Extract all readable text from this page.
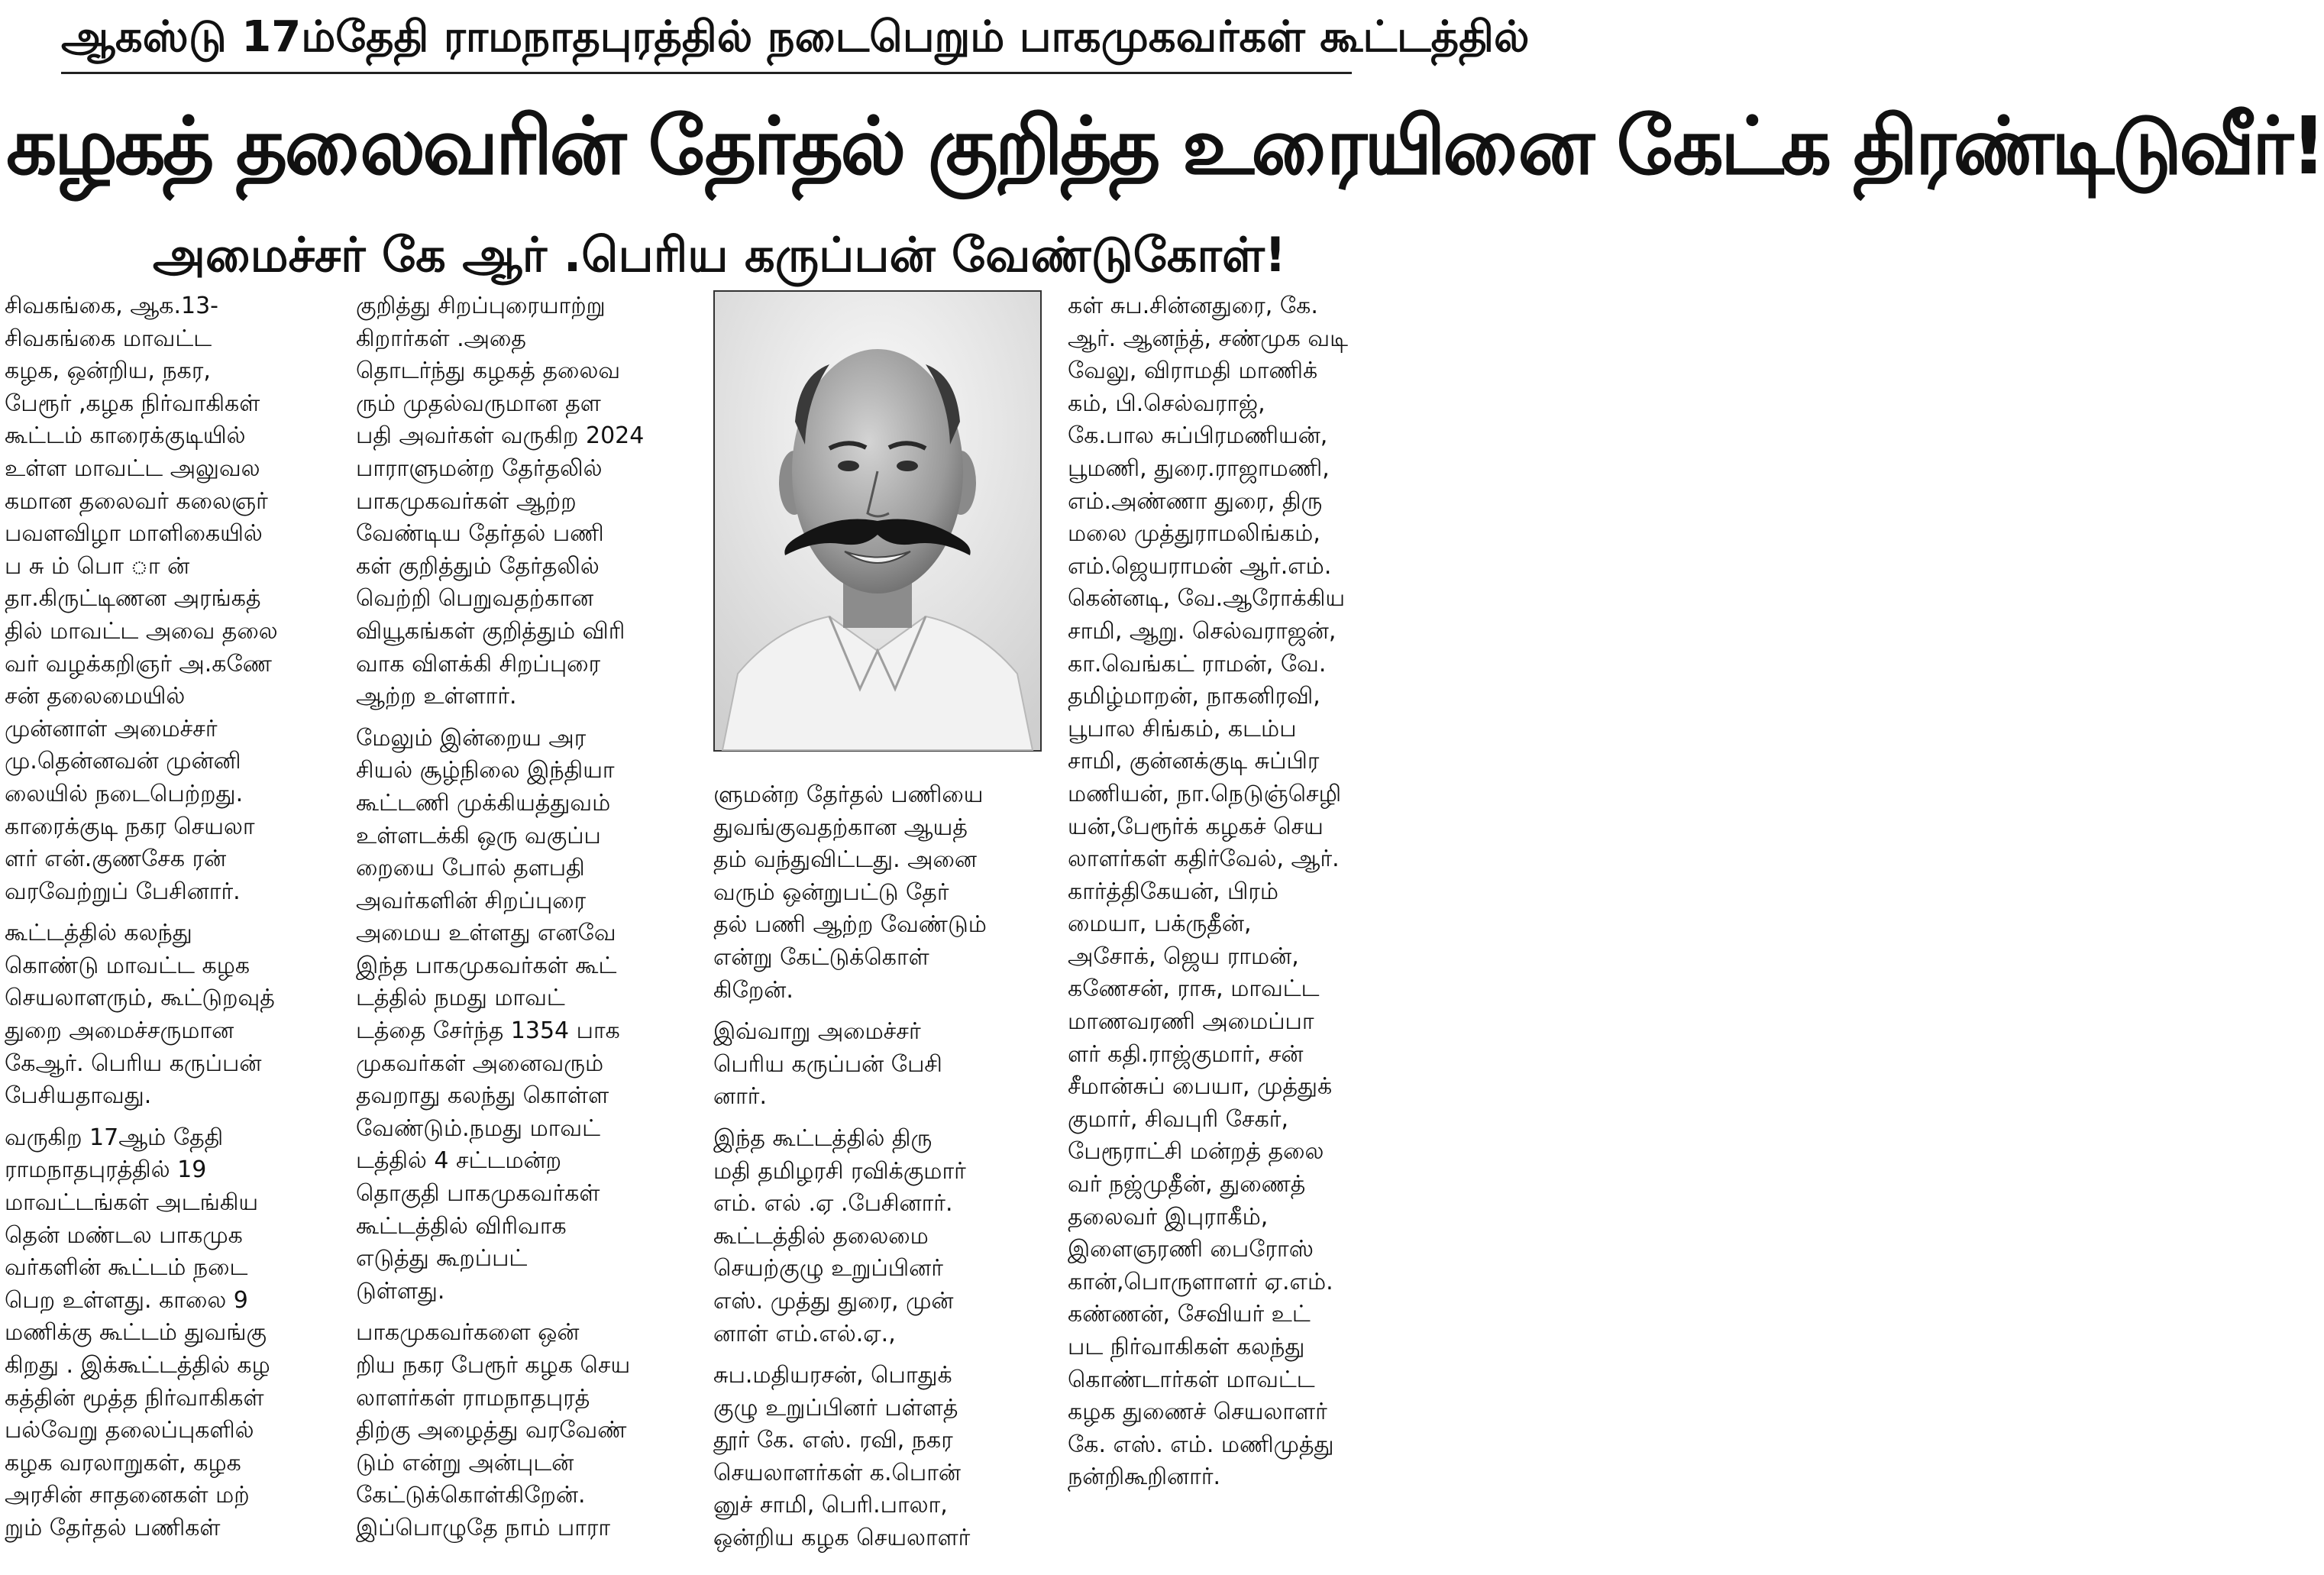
ஆகஸ்டு 17ம்தேதி ராமநாதபுரத்தில் நடைபெறும் பாகமுகவர்கள் கூட்டத்தில்
கழகத் தலைவரின் தேர்தல் குறித்த உரையினை கேட்க திரண்டிடுவீர்!
அமைச்சர் கே ஆர் .பெரிய கருப்பன் வேண்டுகோள்!

சிவகங்கை, ஆக.13-
சிவகங்கை மாவட்ட
கழக, ஒன்றிய, நகர,
பேரூர் ,கழக நிர்வாகிகள்
கூட்டம் காரைக்குடியில்
உள்ள மாவட்ட அலுவல
கமான தலைவர் கலைஞர்
பவளவிழா மாளிகையில்
ப சு ம் பொ ா ன்
தா.கிருட்டிணன அரங்கத்
தில் மாவட்ட அவை தலை
வர் வழக்கறிஞர் அ.கணே
சன் தலைமையில்
முன்னாள் அமைச்சர்
மு.தென்னவன் முன்னி
லையில் நடைபெற்றது.
காரைக்குடி நகர செயலா
ளர் என்.குணசேக ரன்
வரவேற்றுப் பேசினார்.

கூட்டத்தில் கலந்து
கொண்டு மாவட்ட கழக
செயலாளரும், கூட்டுறவுத்
துறை அமைச்சருமான
கேஆர். பெரிய கருப்பன்
பேசியதாவது.

வருகிற 17ஆம் தேதி
ராமநாதபுரத்தில் 19
மாவட்டங்கள் அடங்கிய
தென் மண்டல பாகமுக
வர்களின் கூட்டம் நடை
பெற உள்ளது. காலை 9
மணிக்கு கூட்டம் துவங்கு
கிறது . இக்கூட்டத்தில் கழ
கத்தின் மூத்த நிர்வாகிகள்
பல்வேறு தலைப்புகளில்
கழக வரலாறுகள், கழக
அரசின் சாதனைகள் மற்
றும் தேர்தல் பணிகள்

குறித்து சிறப்புரையாற்று
கிறார்கள் .அதை
தொடர்ந்து கழகத் தலைவ
ரும் முதல்வருமான தள
பதி அவர்கள் வருகிற 2024
பாராளுமன்ற தேர்தலில்
பாகமுகவர்கள் ஆற்ற
வேண்டிய தேர்தல் பணி
கள் குறித்தும் தேர்தலில்
வெற்றி பெறுவதற்கான
வியூகங்கள் குறித்தும் விரி
வாக விளக்கி சிறப்புரை
ஆற்ற உள்ளார்.

மேலும் இன்றைய அர
சியல் சூழ்நிலை இந்தியா
கூட்டணி முக்கியத்துவம்
உள்ளடக்கி ஒரு வகுப்ப
றையை போல் தளபதி
அவர்களின் சிறப்புரை
அமைய உள்ளது எனவே
இந்த பாகமுகவர்கள் கூட்
டத்தில் நமது மாவட்
டத்தை சேர்ந்த 1354 பாக
முகவர்கள் அனைவரும்
தவறாது கலந்து கொள்ள
வேண்டும்.நமது மாவட்
டத்தில் 4 சட்டமன்ற
தொகுதி பாகமுகவர்கள்
கூட்டத்தில் விரிவாக
எடுத்து கூறப்பட்
டுள்ளது.

பாகமுகவர்களை ஒன்
றிய நகர பேரூர் கழக செய
லாளர்கள் ராமநாதபுரத்
திற்கு அழைத்து வரவேண்
டும் என்று அன்புடன்
கேட்டுக்கொள்கிறேன்.
இப்பொழுதே நாம் பாரா

ளுமன்ற தேர்தல் பணியை
துவங்குவதற்கான ஆயத்
தம் வந்துவிட்டது. அனை
வரும் ஒன்றுபட்டு தேர்
தல் பணி ஆற்ற வேண்டும்
என்று கேட்டுக்கொள்
கிறேன்.

இவ்வாறு அமைச்சர்
பெரிய கருப்பன் பேசி
னார்.

இந்த கூட்டத்தில் திரு
மதி தமிழரசி ரவிக்குமார்
எம். எல் .ஏ .பேசினார்.
கூட்டத்தில் தலைமை
செயற்குழு உறுப்பினர்
எஸ். முத்து துரை, முன்
னாள் எம்.எல்.ஏ.,

சுப.மதியரசன், பொதுக்
குழு உறுப்பினர் பள்ளத்
தூர் கே. எஸ். ரவி, நகர
செயலாளர்கள் க.பொன்
னுச் சாமி, பெரி.பாலா,
ஒன்றிய கழக செயலாளர்

கள் சுப.சின்னதுரை, கே.
ஆர். ஆனந்த், சண்முக வடி
வேலு, விராமதி மாணிக்
கம், பி.செல்வராஜ்,
கே.பால சுப்பிரமணியன்,
பூமணி, துரை.ராஜாமணி,
எம்.அண்ணா துரை, திரு
மலை முத்துராமலிங்கம்,
எம்.ஜெயராமன் ஆர்.எம்.
கென்னடி, வே.ஆரோக்கிய
சாமி, ஆறு. செல்வராஜன்,
கா.வெங்கட் ராமன், வே.
தமிழ்மாறன், நாகனிரவி,
பூபால சிங்கம், கடம்ப
சாமி, குன்னக்குடி சுப்பிர
மணியன், நா.நெடுஞ்செழி
யன்,பேரூர்க் கழகச் செய
லாளர்கள் கதிர்வேல், ஆர்.
கார்த்திகேயன், பிரம்
மையா, பக்ருதீன்,
அசோக், ஜெய ராமன்,
கணேசன், ராசு, மாவட்ட
மாணவரணி அமைப்பா
ளர் கதி.ராஜ்குமார், சன்
சீமான்சுப் பையா, முத்துக்
குமார், சிவபுரி சேகர்,
பேரூராட்சி மன்றத் தலை
வர் நஜ்முதீன், துணைத்
தலைவர் இபுராகீம்,
இளைஞரணி பைரோஸ்
கான்,பொருளாளர் ஏ.எம்.
கண்ணன், சேவியர் உட்
பட நிர்வாகிகள் கலந்து
கொண்டார்கள் மாவட்ட
கழக துணைச் செயலாளர்
கே. எஸ். எம். மணிமுத்து
நன்றிகூறினார்.
